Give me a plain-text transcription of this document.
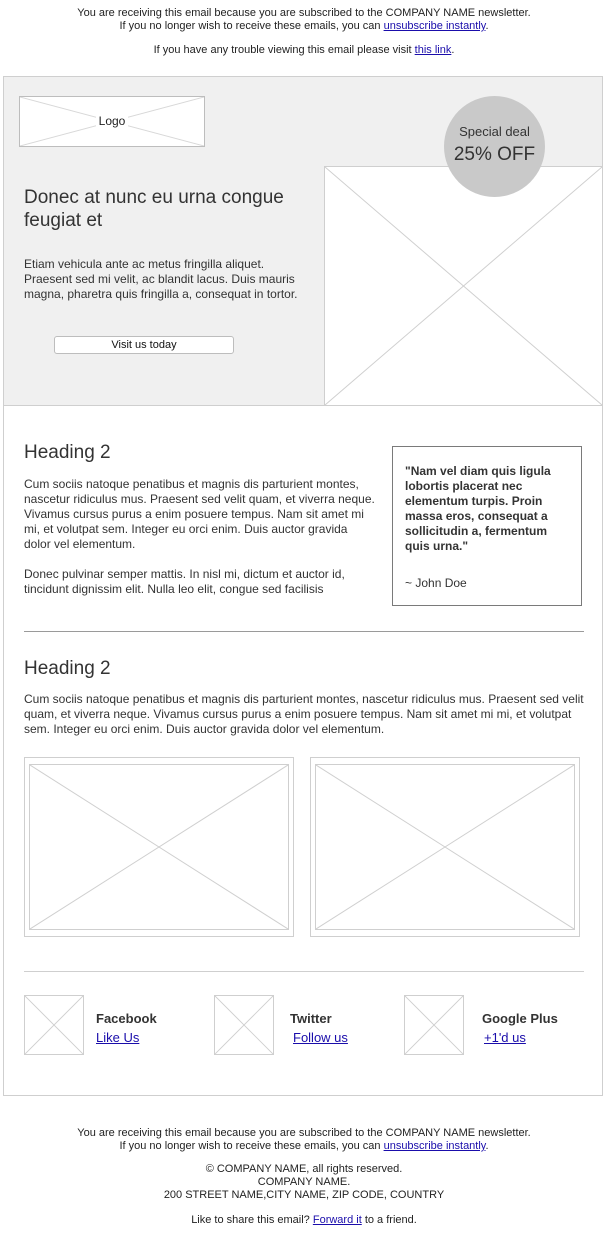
You are receiving this email because you are subscribed to the COMPANY NAME newsletter.
If you no longer wish to receive these emails, you can unsubscribe instantly.
If you have any trouble viewing this email please visit this link.
Logo
Special deal
25% OFF
Donec at nunc eu urna congue feugiat et
Etiam vehicula ante ac metus fringilla aliquet. Praesent sed mi velit, ac blandit lacus. Duis mauris magna, pharetra quis fringilla a, consequat in tortor.
Visit us today
Heading 2
Cum sociis natoque penatibus et magnis dis parturient montes, nascetur ridiculus mus. Praesent sed velit quam, et viverra neque. Vivamus cursus purus a enim posuere tempus. Nam sit amet mi mi, et volutpat sem. Integer eu orci enim. Duis auctor gravida dolor vel elementum.
Donec pulvinar semper mattis. In nisl mi, dictum et auctor id, tincidunt dignissim elit. Nulla leo elit, congue sed facilisis
"Nam vel diam quis ligula lobortis placerat nec elementum turpis. Proin massa eros, consequat a sollicitudin a, fermentum quis urna."
~ John Doe
Heading 2
Cum sociis natoque penatibus et magnis dis parturient montes, nascetur ridiculus mus. Praesent sed velit quam, et viverra neque. Vivamus cursus purus a enim posuere tempus. Nam sit amet mi mi, et volutpat sem. Integer eu orci enim. Duis auctor gravida dolor vel elementum.
Facebook
Like Us
Twitter
Follow us
Google Plus
+1'd us
You are receiving this email because you are subscribed to the COMPANY NAME newsletter.
If you no longer wish to receive these emails, you can unsubscribe instantly.
© COMPANY NAME, all rights reserved.
COMPANY NAME.
200 STREET NAME,CITY NAME, ZIP CODE, COUNTRY
Like to share this email? Forward it to a friend.
